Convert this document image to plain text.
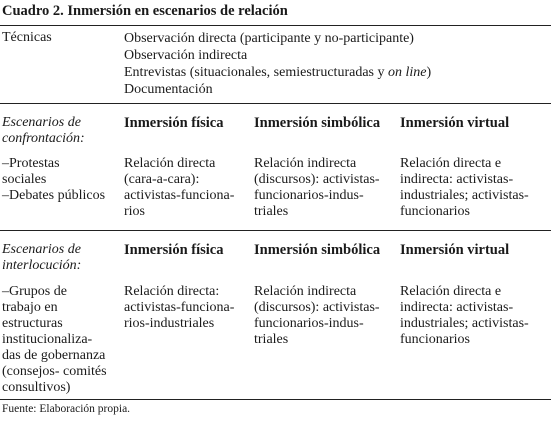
Cuadro 2. Inmersión en escenarios de relación
Técnicas	Observación directa (participante y no-participante)
Observación indirecta
Entrevistas (situacionales, semiestructuradas y on line)
Documentación
Escenarios de
confrontación:
Inmersión física Inmersión simbólica Inmersión virtual
–Protestas
sociales
–Debates públicos
Relación directa
(cara-a-cara):
activistas-funciona-
rios
Relación indirecta
(discursos): activistas-
funcionarios-indus-
triales
Relación directa e
indirecta: activistas-
industriales; activistas-
funcionarios
Escenarios de
interlocución:
Inmersión física Inmersión simbólica Inmersión virtual
–Grupos de
trabajo en
estructuras
institucionaliza-
das de gobernanza
(consejos- comités
consultivos)
Relación directa:
activistas-funciona-
rios-industriales
Relación indirecta
(discursos): activistas-
funcionarios-indus-
triales
Relación directa e
indirecta: activistas-
industriales; activistas-
funcionarios
Fuente: Elaboración propia.
